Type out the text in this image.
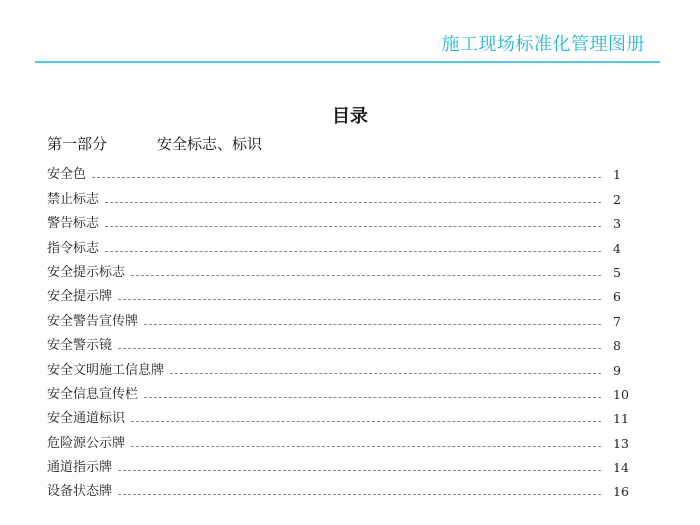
施工现场标准化管理图册
目录
第一部分	安全标志、标识
安全色	1
禁止标志	2
警告标志	3
指令标志	4
安全提示标志	5
安全提示牌	6
安全警告宣传牌	7
安全警示镜	8
安全文明施工信息牌	9
安全信息宣传栏	10
安全通道标识	11
危险源公示牌	13
通道指示牌	14
设备状态牌	16
